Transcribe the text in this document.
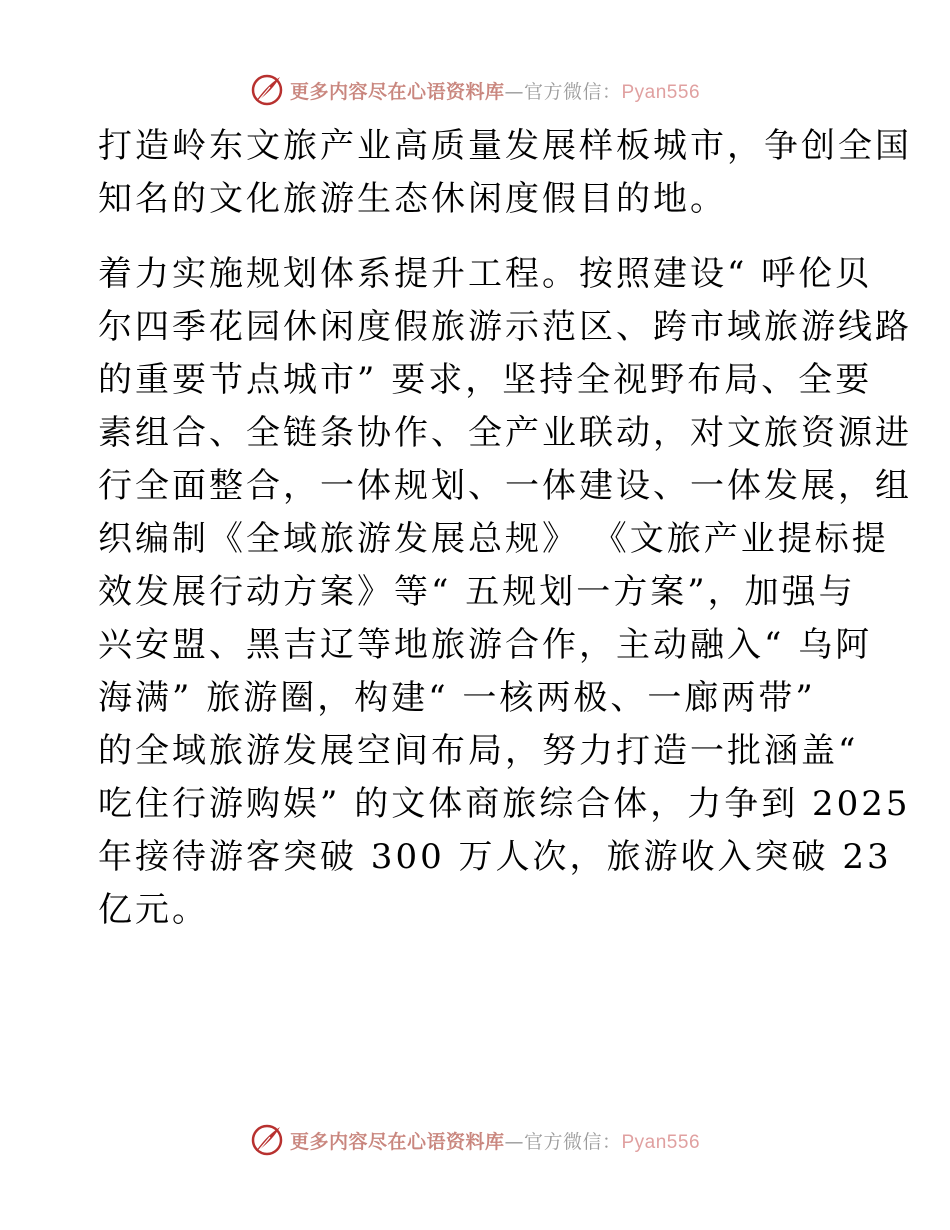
更多内容尽在心语资料库—官方微信：Pyan556
打造岭东文旅产业高质量发展样板城市，争创全国
知名的文化旅游生态休闲度假目的地。
着力实施规划体系提升工程。按照建设“ 呼伦贝
尔四季花园休闲度假旅游示范区、跨市域旅游线路
的重要节点城市” 要求，坚持全视野布局、全要
素组合、全链条协作、全产业联动，对文旅资源进
行全面整合，一体规划、一体建设、一体发展，组
织编制《全域旅游发展总规》 《文旅产业提标提
效发展行动方案》等“ 五规划一方案”，加强与
兴安盟、黑吉辽等地旅游合作，主动融入“ 乌阿
海满” 旅游圈，构建“ 一核两极、一廊两带”
的全域旅游发展空间布局，努力打造一批涵盖“
吃住行游购娱” 的文体商旅综合体，力争到 2025
年接待游客突破 300 万人次，旅游收入突破 23
亿元。
更多内容尽在心语资料库—官方微信：Pyan556
